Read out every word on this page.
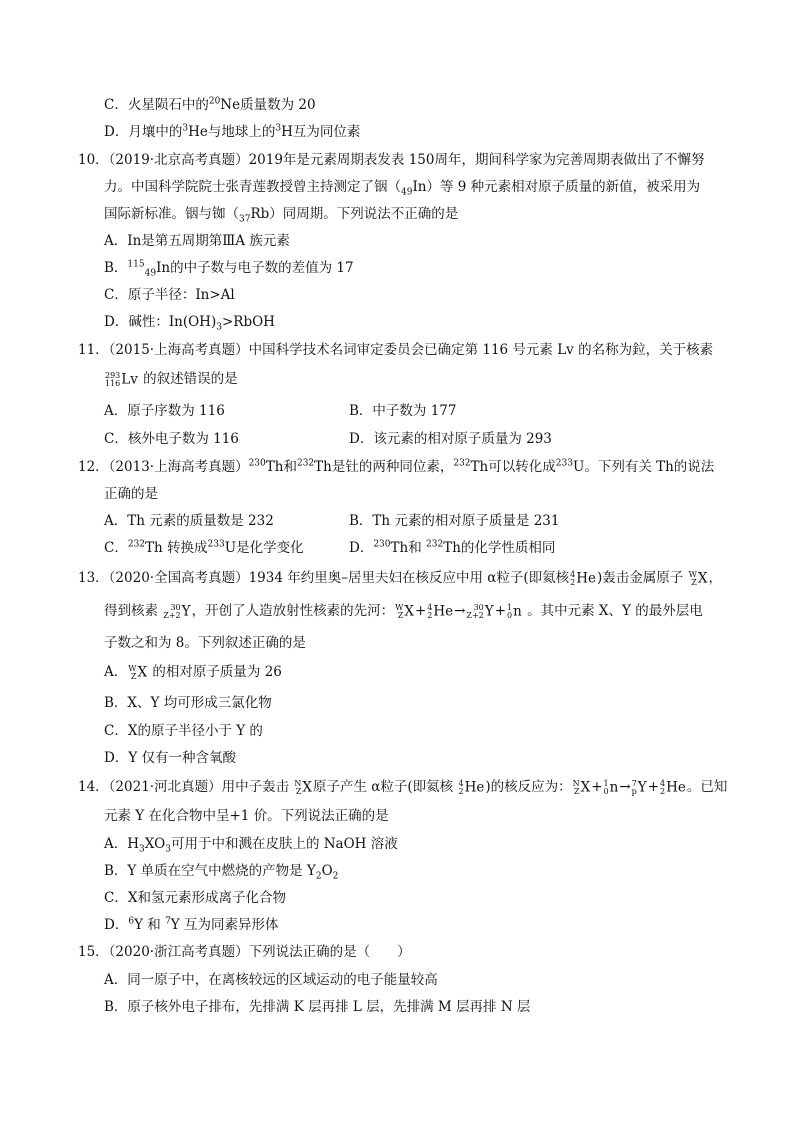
C．火星陨石中的$^{20}$Ne质量数为 20
D．月壤中的$^3$He与地球上的$^3$H互为同位素
10．（2019·北京高考真题）2019年是元素周期表发表 150周年，期间科学家为完善周期表做出了不懈努
力。中国科学院院士张青莲教授曾主持测定了铟$(_{49}In)$等 9 种元素相对原子质量的新值，被采用为
国际新标准。铟与铷$(_{37}Rb)$同周期。下列说法不正确的是
A．In是第五周期第ⅢA 族元素
B．$^{115}_{49}$In的中子数与电子数的差值为 17
C．原子半径：In>Al
D．碱性：$In(OH)_3>RbOH$
11．（2015·上海高考真题）中国科学技术名词审定委员会已确定第 116 号元素 Lv 的名称为鉝，关于核素
293
116 Lv 的叙述错误的是
A．原子序数为 116	B．中子数为 177
C．核外电子数为 116	D．该元素的相对原子质量为 293
12．（2013·上海高考真题）$^{230}$Th和$^{232}$Th是钍的两种同位素，$^{232}$Th可以转化成$^{233}$U。下列有关 Th的说法
正确的是
A．Th 元素的质量数是 232	B．Th 元素的相对原子质量是 231
C．$^{232}$Th 转换成$^{233}$U是化学变化	D．$^{230}$Th和 $^{232}$Th的化学性质相同
13．（2020·全国高考真题）1934 年约里奥–居里夫妇在核反应中用 α粒子(即氦核 4
2 He)轰击金属原子 W
Z X，
得到核素	30
Z+2 Y，开创了人造放射性核素的先河： W
Z X+ 4
2 He→	30
Z+2 Y+ 1
0 n 。其中元素 X、Y 的最外层电
子数之和为 8。下列叙述正确的是
A． W
Z X 的相对原子质量为 26
B．X、Y 均可形成三氯化物
C．X的原子半径小于 Y 的
D．Y 仅有一种含氧酸
14．（2021·河北真题）用中子轰击 N
Z X原子产生 α粒子(即氦核 4
2 He)的核反应为： N
Z X+ 1
0 n→ 7
p Y+ 4
2 He。已知
元素 Y 在化合物中呈+1 价。下列说法正确的是
A．$H_3XO_3$可用于中和溅在皮肤上的 NaOH 溶液
B．Y 单质在空气中燃烧的产物是 $Y_2O_2$
C．X和氢元素形成离子化合物
D．$^6$Y 和 $^7$Y 互为同素异形体
15．（2020·浙江高考真题）下列说法正确的是（　　）
A．同一原子中，在离核较远的区域运动的电子能量较高
B．原子核外电子排布，先排满 K 层再排 L 层，先排满 M 层再排 N 层
